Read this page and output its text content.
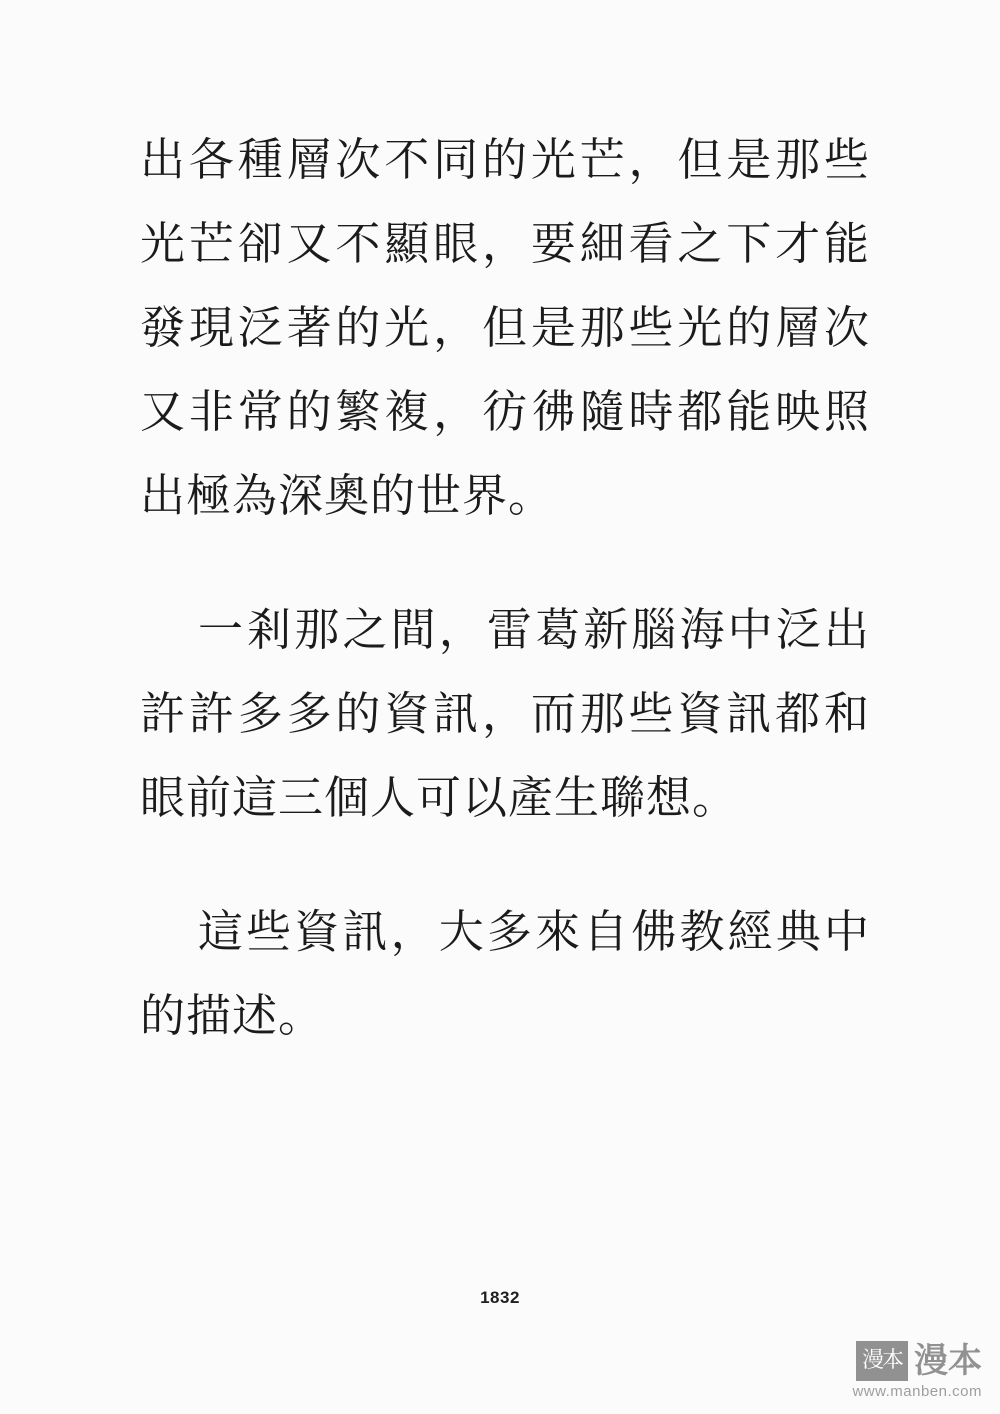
出各種層次不同的光芒，但是那些光芒卻又不顯眼，要細看之下才能發現泛著的光，但是那些光的層次又非常的繁複，彷彿隨時都能映照出極為深奧的世界。

一剎那之間，雷葛新腦海中泛出許許多多的資訊，而那些資訊都和眼前這三個人可以產生聯想。

這些資訊，大多來自佛教經典中的描述。

1832
漫本 漫本
www.manben.com
